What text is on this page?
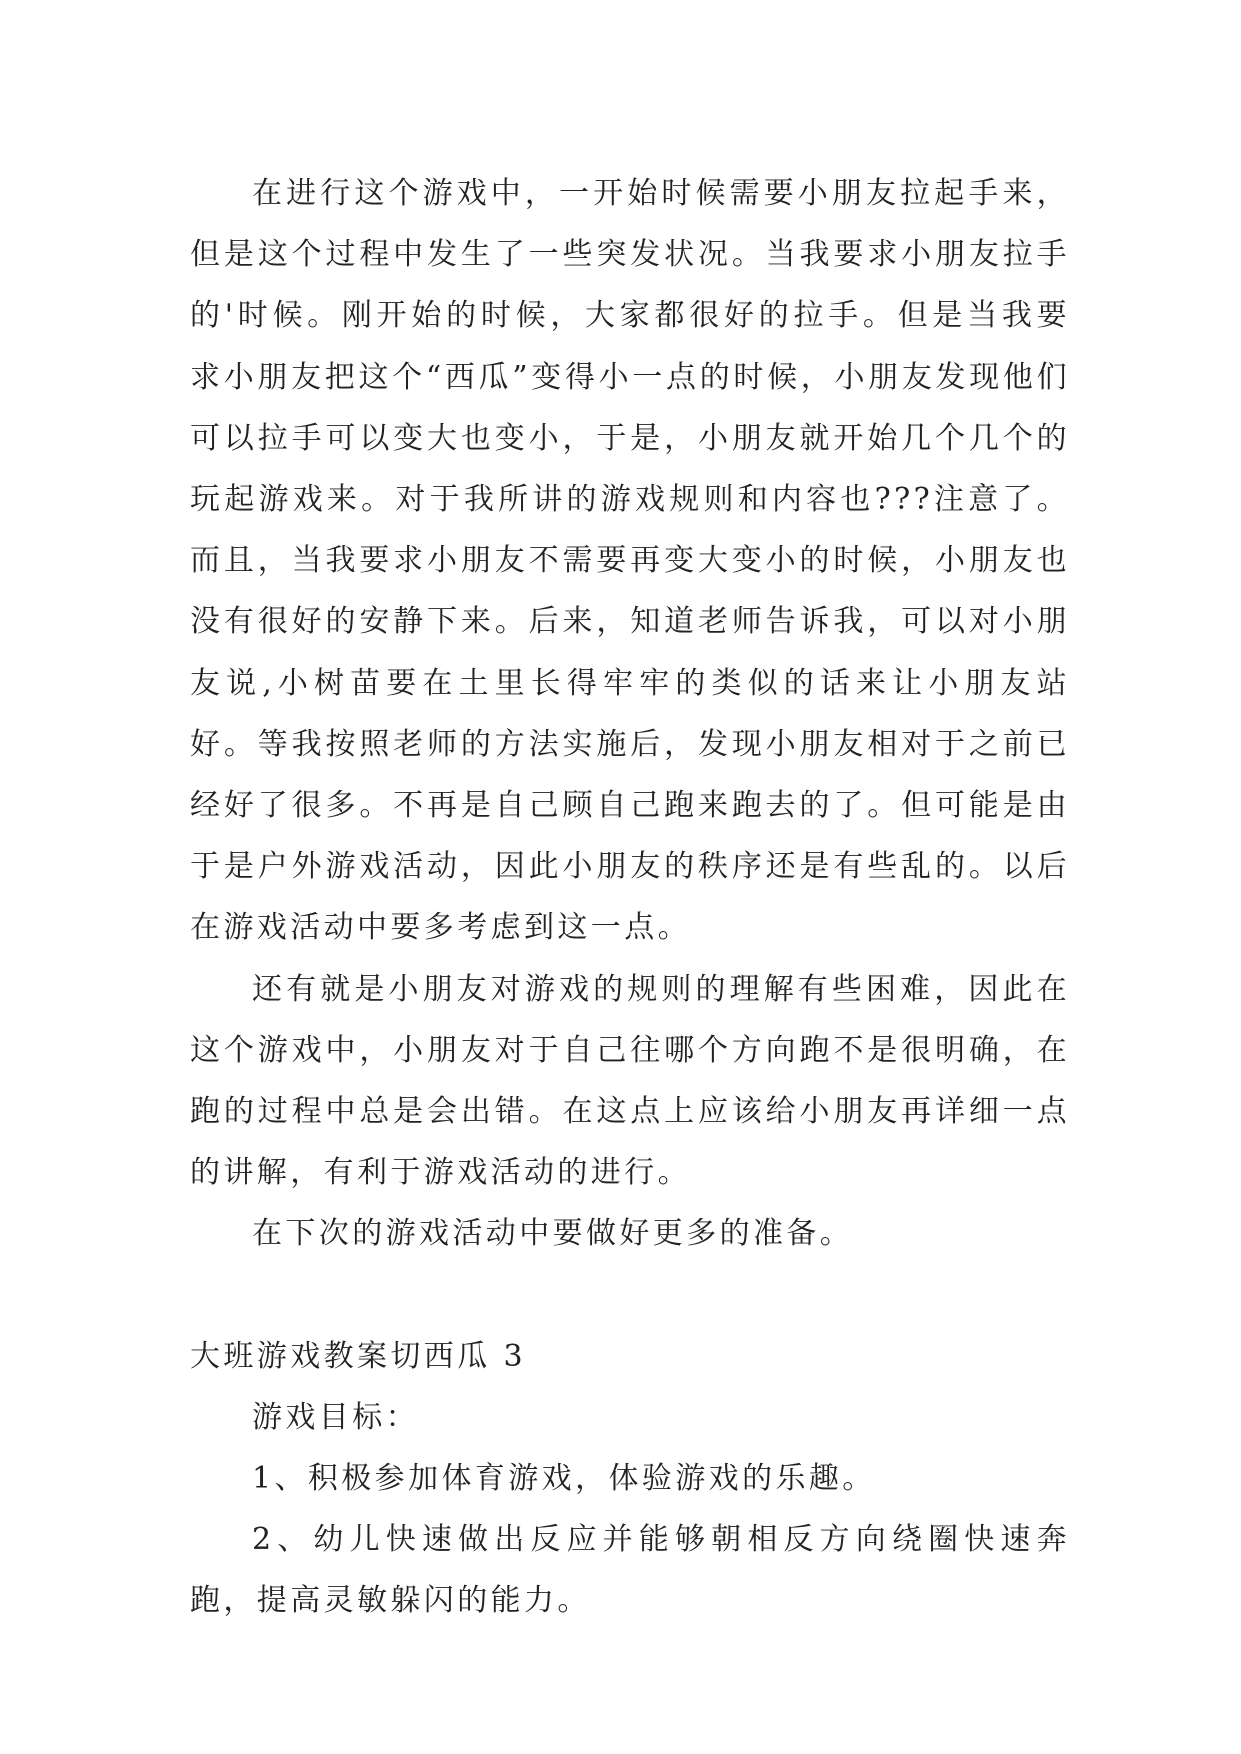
在进行这个游戏中，一开始时候需要小朋友拉起手来，但是这个过程中发生了一些突发状况。当我要求小朋友拉手的'时候。刚开始的时候，大家都很好的拉手。但是当我要求小朋友把这个“西瓜”变得小一点的时候，小朋友发现他们可以拉手可以变大也变小，于是，小朋友就开始几个几个的玩起游戏来。对于我所讲的游戏规则和内容也???注意了。而且，当我要求小朋友不需要再变大变小的时候，小朋友也没有很好的安静下来。后来，知道老师告诉我，可以对小朋友说,小树苗要在土里长得牢牢的类似的话来让小朋友站好。等我按照老师的方法实施后，发现小朋友相对于之前已经好了很多。不再是自己顾自己跑来跑去的了。但可能是由于是户外游戏活动，因此小朋友的秩序还是有些乱的。以后在游戏活动中要多考虑到这一点。

还有就是小朋友对游戏的规则的理解有些困难，因此在这个游戏中，小朋友对于自己往哪个方向跑不是很明确，在跑的过程中总是会出错。在这点上应该给小朋友再详细一点的讲解，有利于游戏活动的进行。

在下次的游戏活动中要做好更多的准备。

大班游戏教案切西瓜 3

游戏目标：

1、积极参加体育游戏，体验游戏的乐趣。

2、幼儿快速做出反应并能够朝相反方向绕圈快速奔跑，提高灵敏躲闪的能力。
